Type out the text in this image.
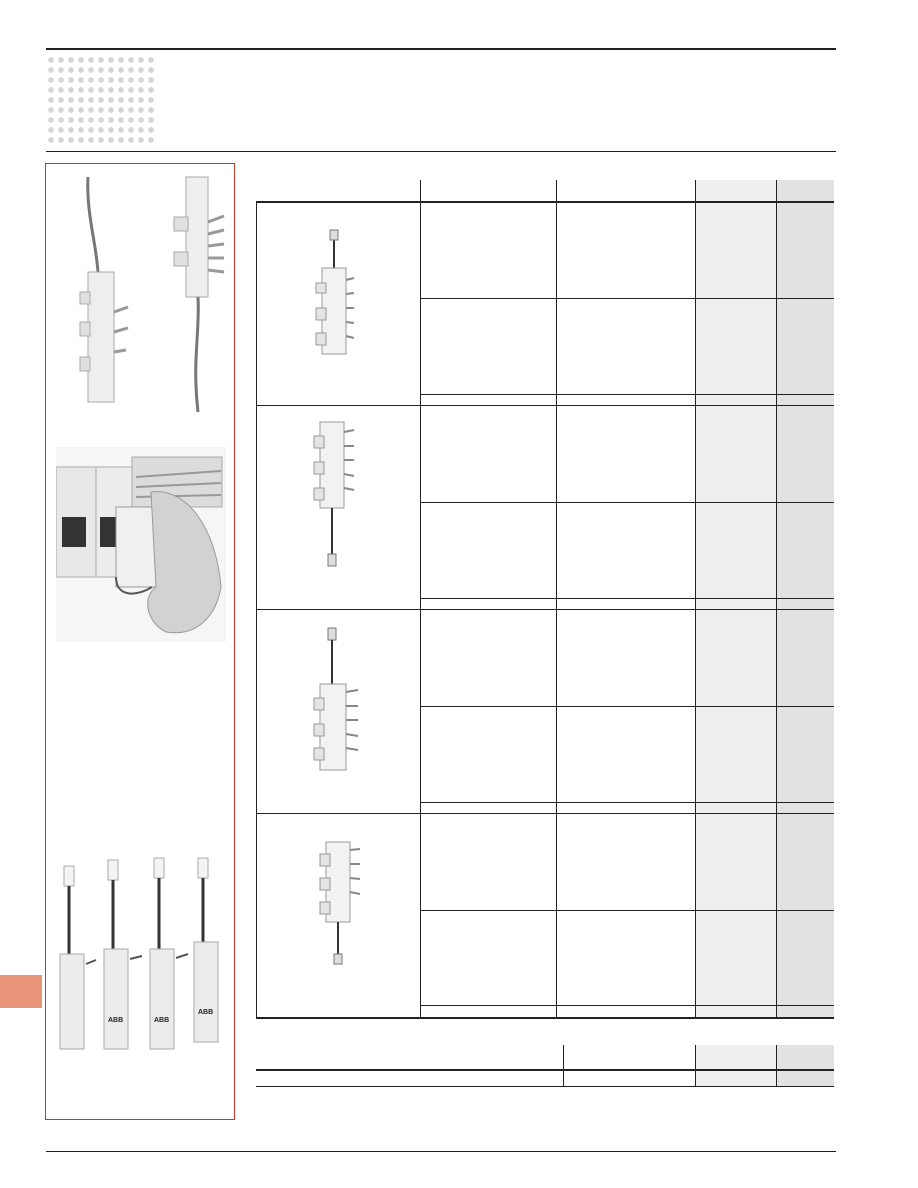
ABB	ABB
ABB
